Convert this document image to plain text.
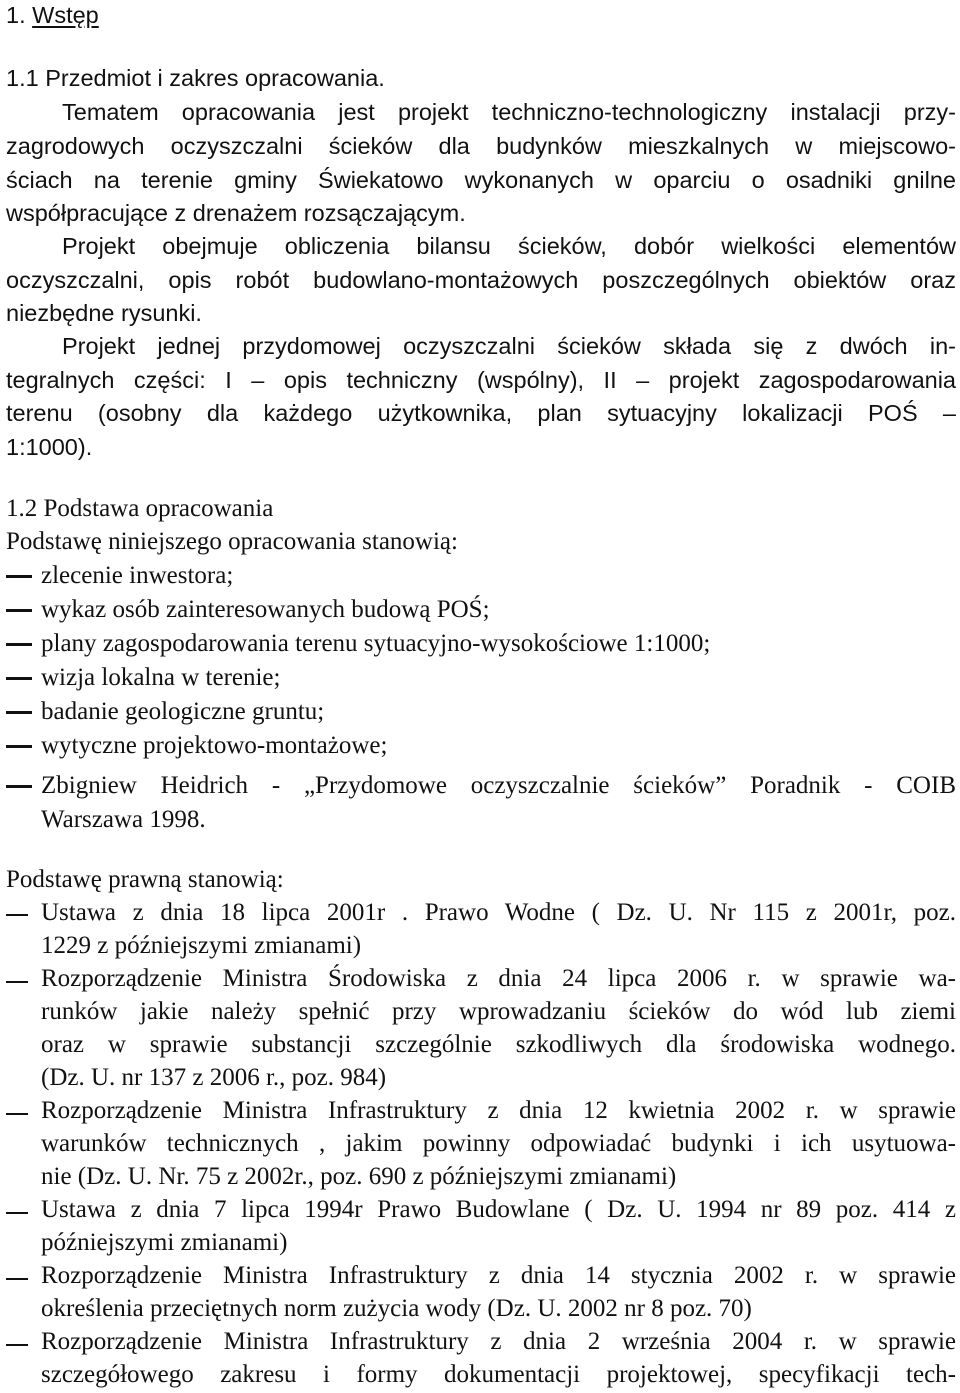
1. Wstęp
1.1 Przedmiot i zakres opracowania.
Tematem opracowania jest projekt techniczno-technologiczny instalacji przy-
zagrodowych oczyszczalni ścieków dla budynków mieszkalnych w miejscowo-
ściach na terenie gminy Świekatowo wykonanych w oparciu o osadniki gnilne
współpracujące z drenażem rozsączającym.
Projekt obejmuje obliczenia bilansu ścieków, dobór wielkości elementów
oczyszczalni, opis robót budowlano-montażowych poszczególnych obiektów oraz
niezbędne rysunki.
Projekt jednej przydomowej oczyszczalni ścieków składa się z dwóch in-
tegralnych części: I – opis techniczny (wspólny), II – projekt zagospodarowania
terenu (osobny dla każdego użytkownika, plan sytuacyjny lokalizacji POŚ –
1:1000).
1.2 Podstawa opracowania
Podstawę niniejszego opracowania stanowią:
zlecenie inwestora;
wykaz osób zainteresowanych budową POŚ;
plany zagospodarowania terenu sytuacyjno-wysokościowe 1:1000;
wizja lokalna w terenie;
badanie geologiczne gruntu;
wytyczne projektowo-montażowe;
Zbigniew Heidrich - „Przydomowe oczyszczalnie ścieków” Poradnik - COIB
Warszawa 1998.
Podstawę prawną stanowią:
Ustawa z dnia 18 lipca 2001r . Prawo Wodne ( Dz. U. Nr 115 z 2001r, poz.
1229 z późniejszymi zmianami)
Rozporządzenie Ministra Środowiska z dnia 24 lipca 2006 r. w sprawie wa-
runków jakie należy spełnić przy wprowadzaniu ścieków do wód lub ziemi
oraz w sprawie substancji szczególnie szkodliwych dla środowiska wodnego.
(Dz. U. nr 137 z 2006 r., poz. 984)
Rozporządzenie Ministra Infrastruktury z dnia 12 kwietnia 2002 r. w sprawie
warunków technicznych , jakim powinny odpowiadać budynki i ich usytuowa-
nie (Dz. U. Nr. 75 z 2002r., poz. 690 z późniejszymi zmianami)
Ustawa z dnia 7 lipca 1994r Prawo Budowlane ( Dz. U. 1994 nr 89 poz. 414 z
późniejszymi zmianami)
Rozporządzenie Ministra Infrastruktury z dnia 14 stycznia 2002 r. w sprawie
określenia przeciętnych norm zużycia wody (Dz. U. 2002 nr 8 poz. 70)
Rozporządzenie Ministra Infrastruktury z dnia 2 września 2004 r. w sprawie
szczegółowego zakresu i formy dokumentacji projektowej, specyfikacji tech-
